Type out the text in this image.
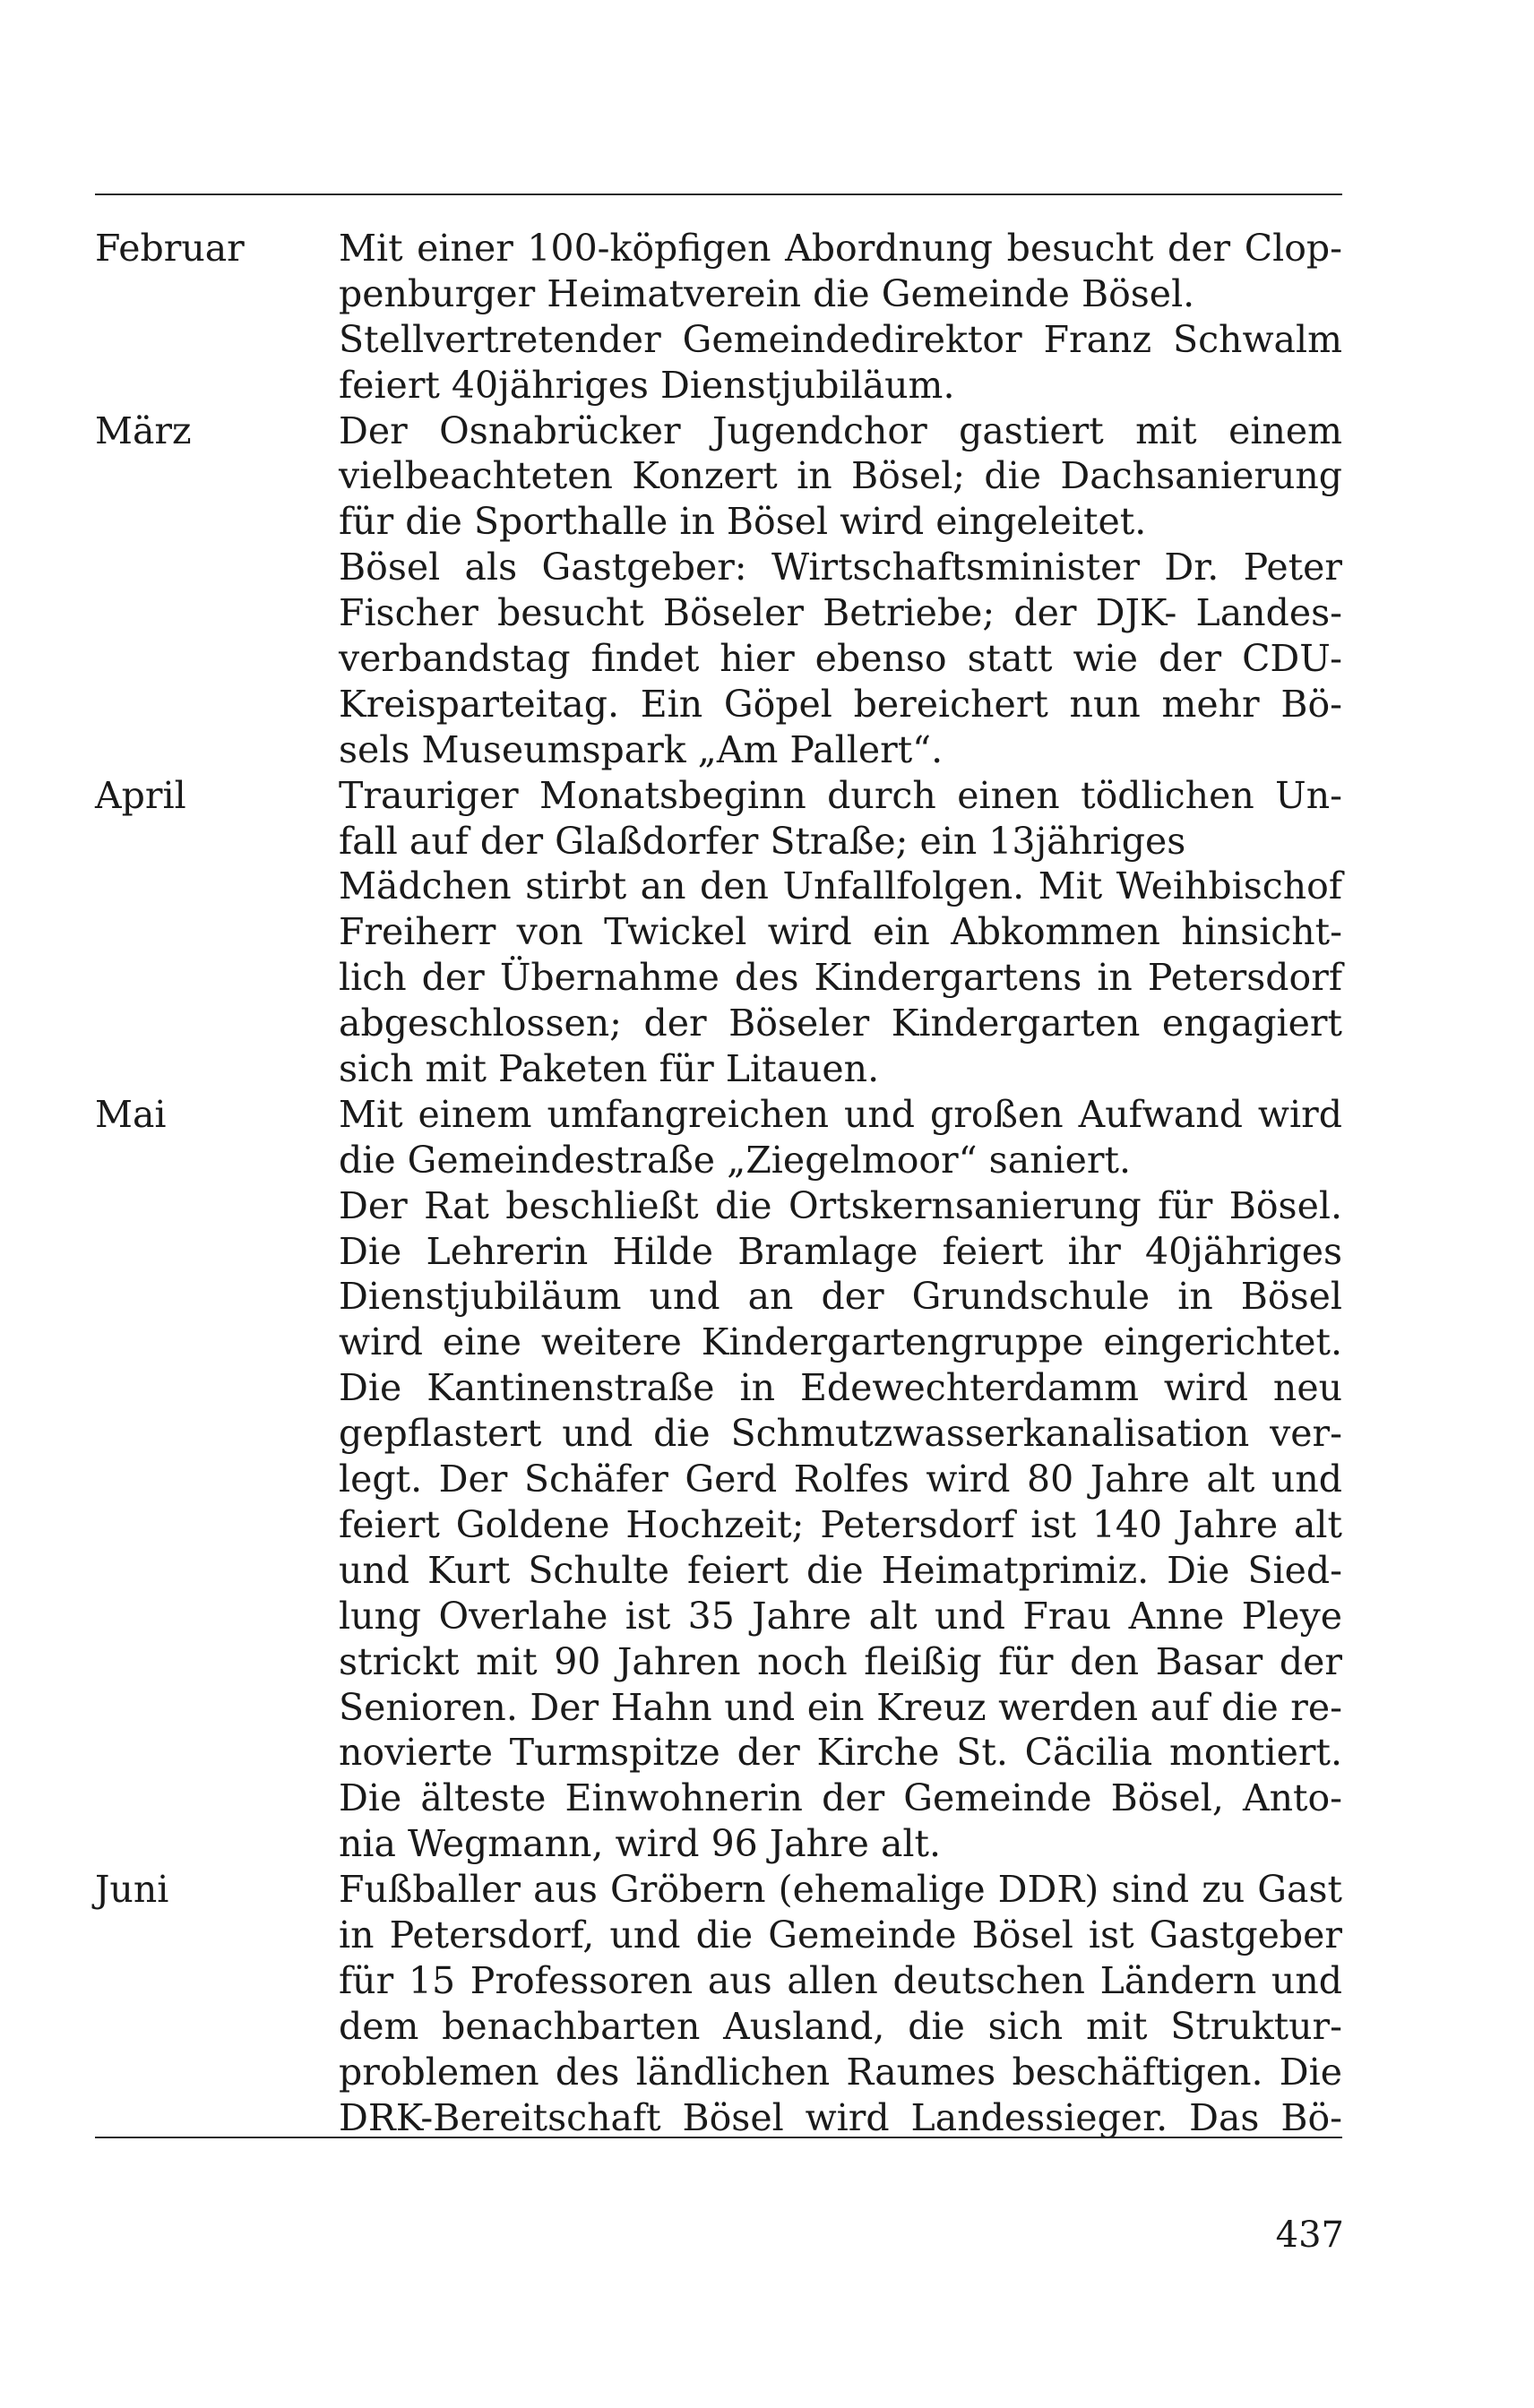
Februar	Mit einer 100-köpfigen Abordnung besucht der Clop-
penburger Heimatverein die Gemeinde Bösel.
Stellvertretender Gemeindedirektor Franz Schwalm
feiert 40jähriges Dienstjubiläum.
März	Der Osnabrücker Jugendchor gastiert mit einem
vielbeachteten Konzert in Bösel; die Dachsanierung
für die Sporthalle in Bösel wird eingeleitet.
Bösel als Gastgeber: Wirtschaftsminister Dr. Peter
Fischer besucht Böseler Betriebe; der DJK- Landes-
verbandstag findet hier ebenso statt wie der CDU-
Kreisparteitag. Ein Göpel bereichert nun mehr Bö-
sels Museumspark „Am Pallert“.
April	Trauriger Monatsbeginn durch einen tödlichen Un-
fall auf der Glaßdorfer Straße; ein 13jähriges
Mädchen stirbt an den Unfallfolgen. Mit Weihbischof
Freiherr von Twickel wird ein Abkommen hinsicht-
lich der Übernahme des Kindergartens in Petersdorf
abgeschlossen; der Böseler Kindergarten engagiert
sich mit Paketen für Litauen.
Mai	Mit einem umfangreichen und großen Aufwand wird
die Gemeindestraße „Ziegelmoor“ saniert.
Der Rat beschließt die Ortskernsanierung für Bösel.
Die Lehrerin Hilde Bramlage feiert ihr 40jähriges
Dienstjubiläum und an der Grundschule in Bösel
wird eine weitere Kindergartengruppe eingerichtet.
Die Kantinenstraße in Edewechterdamm wird neu
gepflastert und die Schmutzwasserkanalisation ver-
legt. Der Schäfer Gerd Rolfes wird 80 Jahre alt und
feiert Goldene Hochzeit; Petersdorf ist 140 Jahre alt
und Kurt Schulte feiert die Heimatprimiz. Die Sied-
lung Overlahe ist 35 Jahre alt und Frau Anne Pleye
strickt mit 90 Jahren noch fleißig für den Basar der
Senioren. Der Hahn und ein Kreuz werden auf die re-
novierte Turmspitze der Kirche St. Cäcilia montiert.
Die älteste Einwohnerin der Gemeinde Bösel, Anto-
nia Wegmann, wird 96 Jahre alt.
Juni	Fußballer aus Gröbern (ehemalige DDR) sind zu Gast
in Petersdorf, und die Gemeinde Bösel ist Gastgeber
für 15 Professoren aus allen deutschen Ländern und
dem benachbarten Ausland, die sich mit Struktur-
problemen des ländlichen Raumes beschäftigen. Die
DRK-Bereitschaft Bösel wird Landessieger. Das Bö-
437
